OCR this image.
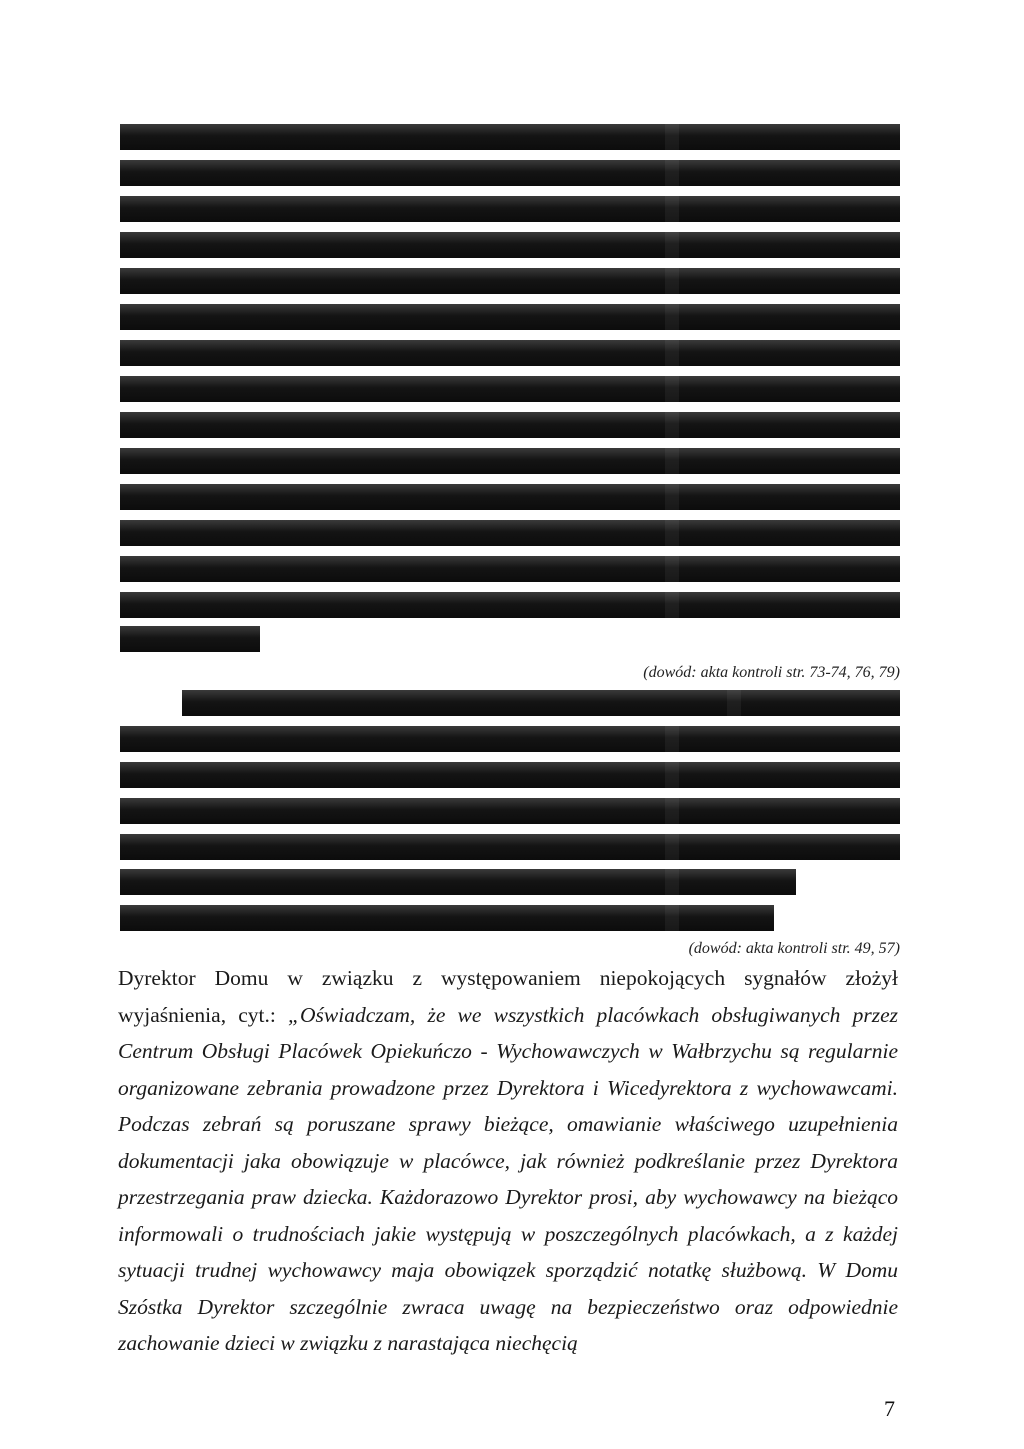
(dowód: akta kontroli str. 73-74, 76, 79)
(dowód: akta kontroli str. 49, 57)

Dyrektor Domu w związku z występowaniem niepokojących sygnałów złożył wyjaśnienia, cyt.: „Oświadczam, że we wszystkich placówkach obsługiwanych przez Centrum Obsługi Placówek Opiekuńczo - Wychowawczych w Wałbrzychu są regularnie organizowane zebrania prowadzone przez Dyrektora i Wicedyrektora z wychowawcami. Podczas zebrań są poruszane sprawy bieżące, omawianie właściwego uzupełnienia dokumentacji jaka obowiązuje w placówce, jak również podkreślanie przez Dyrektora przestrzegania praw dziecka. Każdorazowo Dyrektor prosi, aby wychowawcy na bieżąco informowali o trudnościach jakie występują w poszczególnych placówkach, a z każdej sytuacji trudnej wychowawcy maja obowiązek sporządzić notatkę służbową. W Domu Szóstka Dyrektor szczególnie zwraca uwagę na bezpieczeństwo oraz odpowiednie zachowanie dzieci w związku z narastająca niechęcią

7
